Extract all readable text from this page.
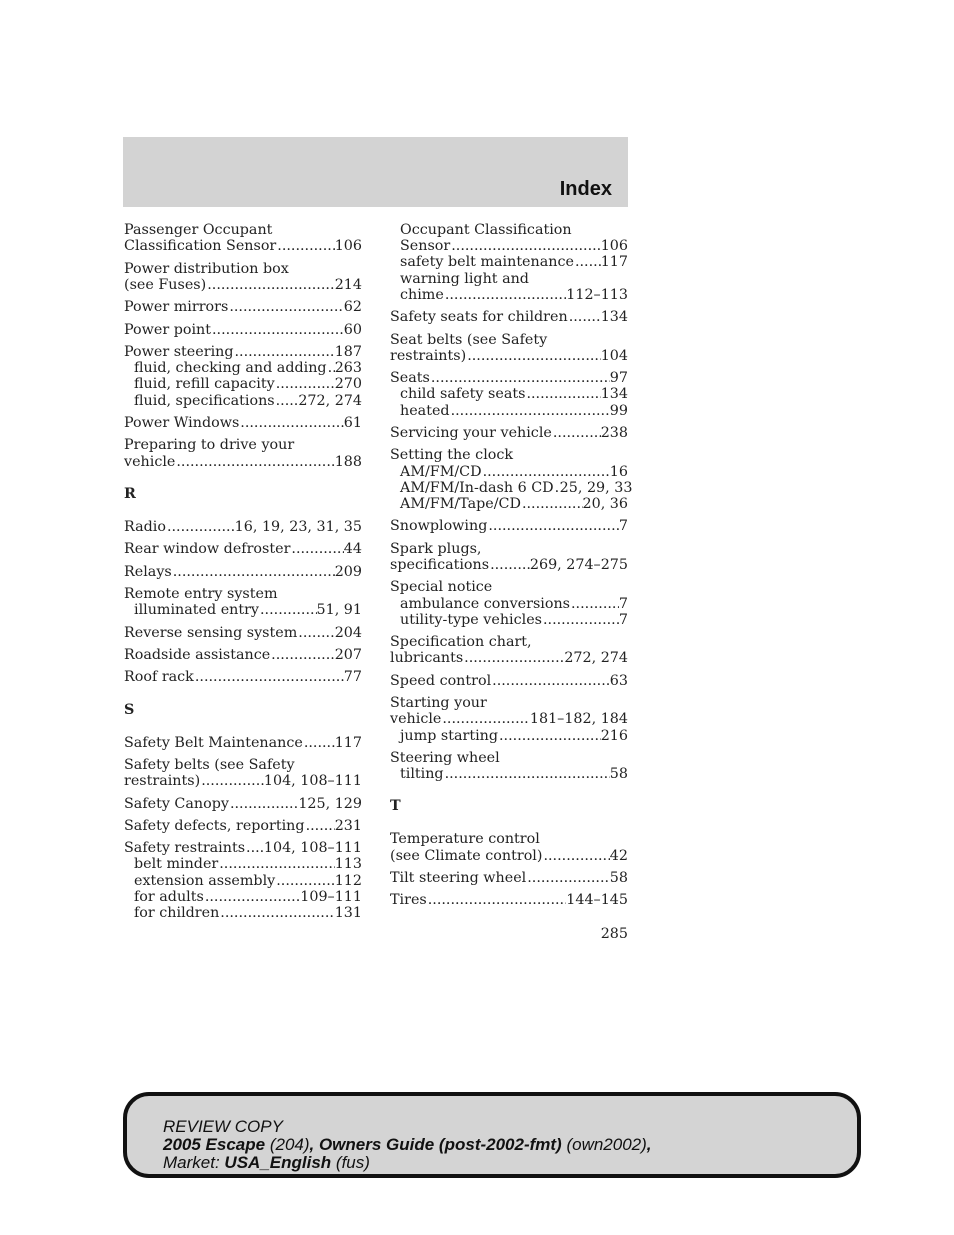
Index
Passenger Occupant
Classification Sensor .....	106
Power distribution box
(see Fuses) .....	214
Power mirrors .....	62
Power point .....	60
Power steering .....	187
fluid, checking and adding ..... 263
fluid, refill capacity .....	270
fluid, specifications ..... 272, 274
Power Windows .....	61
Preparing to drive your
vehicle .....	188
R
Radio .....	16, 19, 23, 31, 35
Rear window defroster .....	44
Relays .....	209
Remote entry system
illuminated entry .....	51, 91
Reverse sensing system .....	204
Roadside assistance .....	207
Roof rack .....	77
S
Safety Belt Maintenance ..... 117
Safety belts (see Safety
restraints) .....	104, 108–111
Safety Canopy .....	125, 129
Safety defects, reporting ..... 231
Safety restraints ..... 104, 108–111
belt minder .....	113
extension assembly .....	112
for adults .....	109–111
for children .....	131
Occupant Classification
Sensor .....	106
safety belt maintenance ..... 117
warning light and
chime .....	112–113
Safety seats for children ..... 134
Seat belts (see Safety
restraints) .....	104
Seats .....	97
child safety seats .....	134
heated .....	99
Servicing your vehicle .....	238
Setting the clock
AM/FM/CD .....	16
AM/FM/In-dash 6 CD ..... 25, 29, 33
AM/FM/Tape/CD .....	20, 36
Snowplowing .....	7
Spark plugs,
specifications .....	269, 274–275
Special notice
ambulance conversions .....	7
utility-type vehicles .....	7
Specification chart,
lubricants .....	272, 274
Speed control .....	63
Starting your
vehicle .....	181–182, 184
jump starting .....	216
Steering wheel
tilting .....	58
T
Temperature control
(see Climate control) .....	42
Tilt steering wheel .....	58
Tires .....	144–145
285
REVIEW COPY
2005 Escape (204), Owners Guide (post-2002-fmt) (own2002),
Market: USA_English (fus)
